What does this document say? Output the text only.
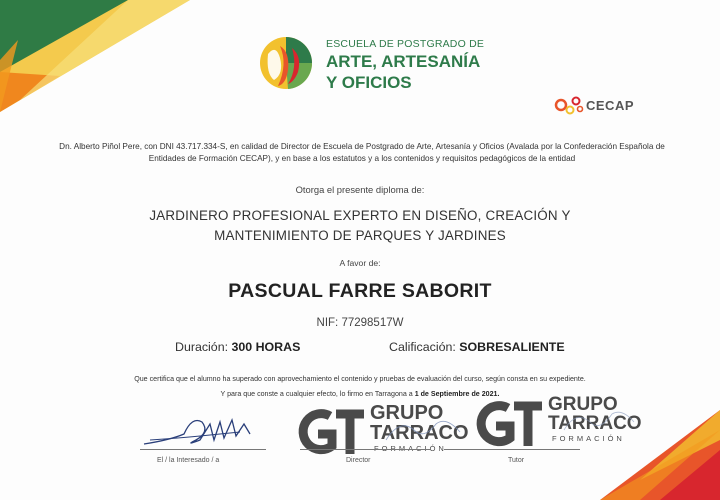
ESCUELA DE POSTGRADO DE
ARTE, ARTESANÍA
Y OFICIOS
CECAP
Dn. Alberto Piñol Pere, con DNI 43.717.334-S, en calidad de Director de Escuela de Postgrado de Arte, Artesanía y Oficios (Avalada por la Confederación Española de Entidades de Formación CECAP), y en base a los estatutos y a los contenidos y requisitos pedagógicos de la entidad
Otorga el presente diploma de:
JARDINERO PROFESIONAL EXPERTO EN DISEÑO, CREACIÓN Y
MANTENIMIENTO DE PARQUES Y JARDINES
A favor de:
PASCUAL FARRE SABORIT
NIF: 77298517W
Duración: 300 HORAS	Calificación: SOBRESALIENTE
Que certifica que el alumno ha superado con aprovechamiento el contenido y pruebas de evaluación del curso, según consta en su expediente.
Y para que conste a cualquier efecto, lo firmo en Tarragona a 1 de Septiembre de 2021.
GRUPO
TARRACO
FORMACIÓN
GRUPO
TARRACO
FORMACIÓN
El / la Interesado / a	Director	Tutor
